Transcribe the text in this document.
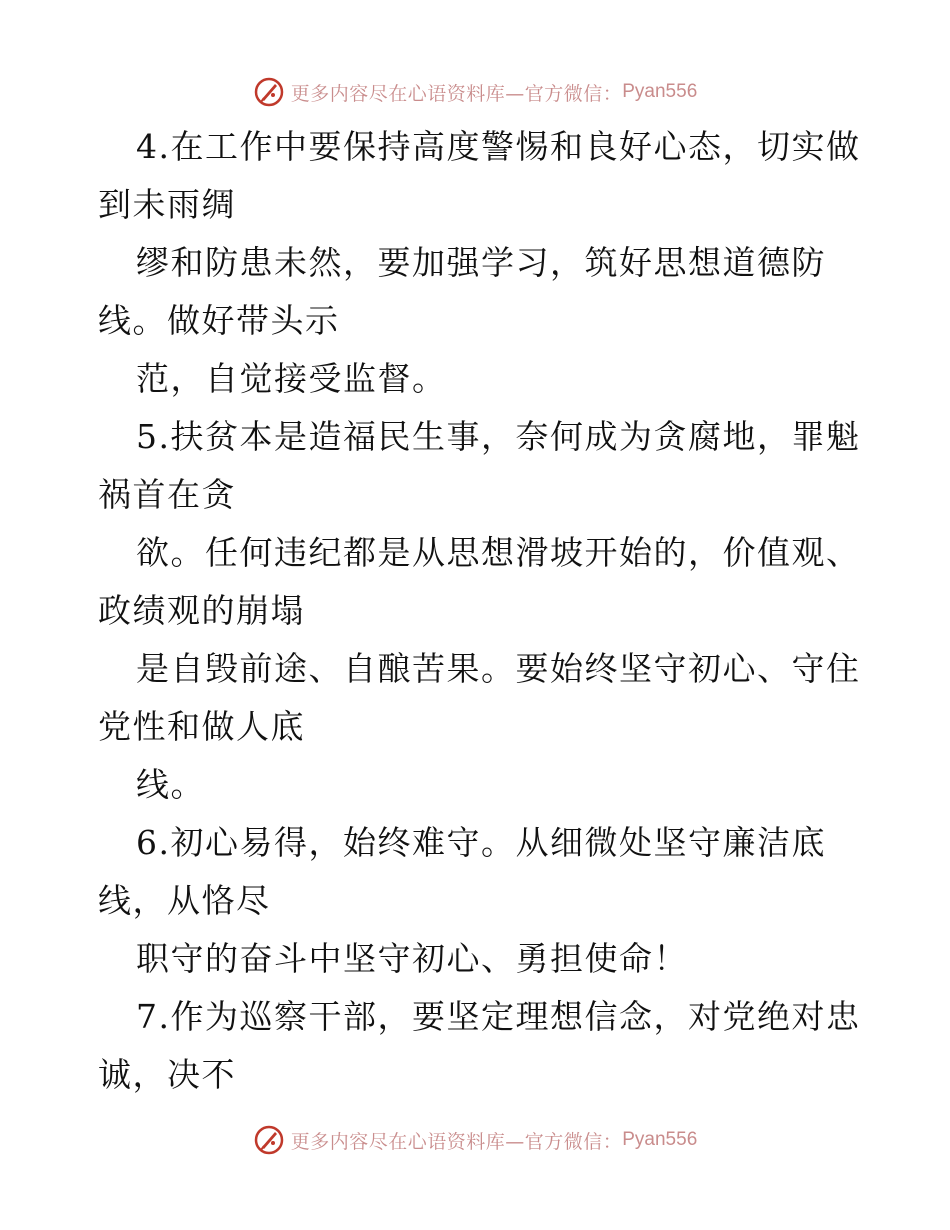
更多内容尽在心语资料库—官方微信： Pyan556
4.在工作中要保持高度警惕和良好心态，切实做
到未雨绸
缪和防患未然，要加强学习，筑好思想道德防
线。做好带头示
范，自觉接受监督。
5.扶贫本是造福民生事，奈何成为贪腐地，罪魁
祸首在贪
欲。任何违纪都是从思想滑坡开始的，价值观、
政绩观的崩塌
是自毁前途、自酿苦果。要始终坚守初心、守住
党性和做人底
线。
6.初心易得，始终难守。从细微处坚守廉洁底
线，从恪尽
职守的奋斗中坚守初心、勇担使命！
7.作为巡察干部，要坚定理想信念，对党绝对忠
诚，决不
更多内容尽在心语资料库—官方微信： Pyan556
